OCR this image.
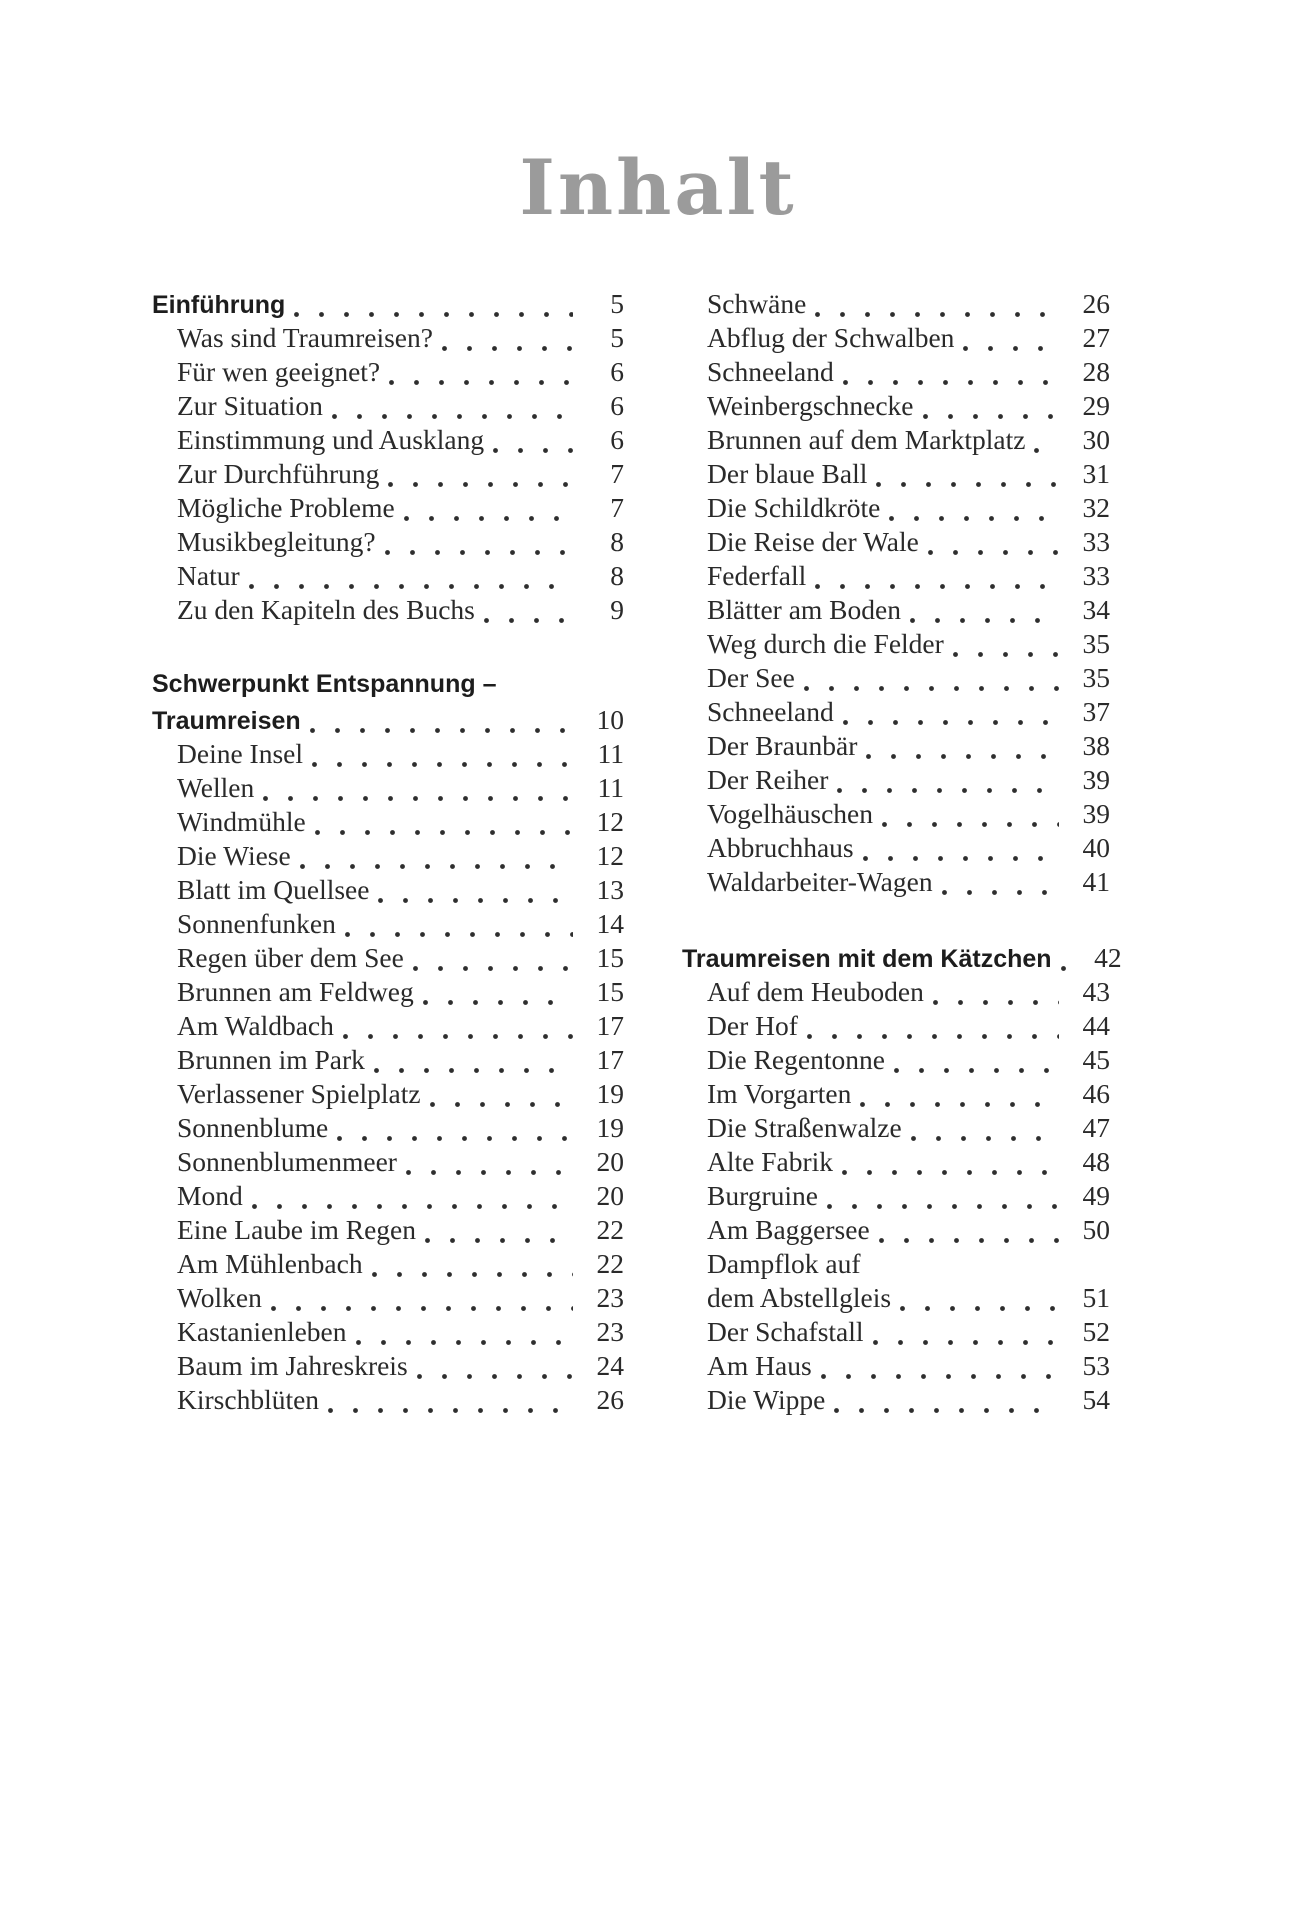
Inhalt
Einführung	5
Was sind Traumreisen?	5
Für wen geeignet?	6
Zur Situation	6
Einstimmung und Ausklang	6
Zur Durchführung	7
Mögliche Probleme	7
Musikbegleitung?	8
Natur	8
Zu den Kapiteln des Buchs	9
Schwerpunkt Entspannung –
Traumreisen	10
Deine Insel	11
Wellen	11
Windmühle	12
Die Wiese	12
Blatt im Quellsee	13
Sonnenfunken	14
Regen über dem See	15
Brunnen am Feldweg	15
Am Waldbach	17
Brunnen im Park	17
Verlassener Spielplatz	19
Sonnenblume	19
Sonnenblumenmeer	20
Mond	20
Eine Laube im Regen	22
Am Mühlenbach	22
Wolken	23
Kastanienleben	23
Baum im Jahreskreis	24
Kirschblüten	26
Schwäne	26
Abflug der Schwalben	27
Schneeland	28
Weinbergschnecke	29
Brunnen auf dem Marktplatz	30
Der blaue Ball	31
Die Schildkröte	32
Die Reise der Wale	33
Federfall	33
Blätter am Boden	34
Weg durch die Felder	35
Der See	35
Schneeland	37
Der Braunbär	38
Der Reiher	39
Vogelhäuschen	39
Abbruchhaus	40
Waldarbeiter-Wagen	41
Traumreisen mit dem Kätzchen	42
Auf dem Heuboden	43
Der Hof	44
Die Regentonne	45
Im Vorgarten	46
Die Straßenwalze	47
Alte Fabrik	48
Burgruine	49
Am Baggersee	50
Dampflok auf
dem Abstellgleis	51
Der Schafstall	52
Am Haus	53
Die Wippe	54
